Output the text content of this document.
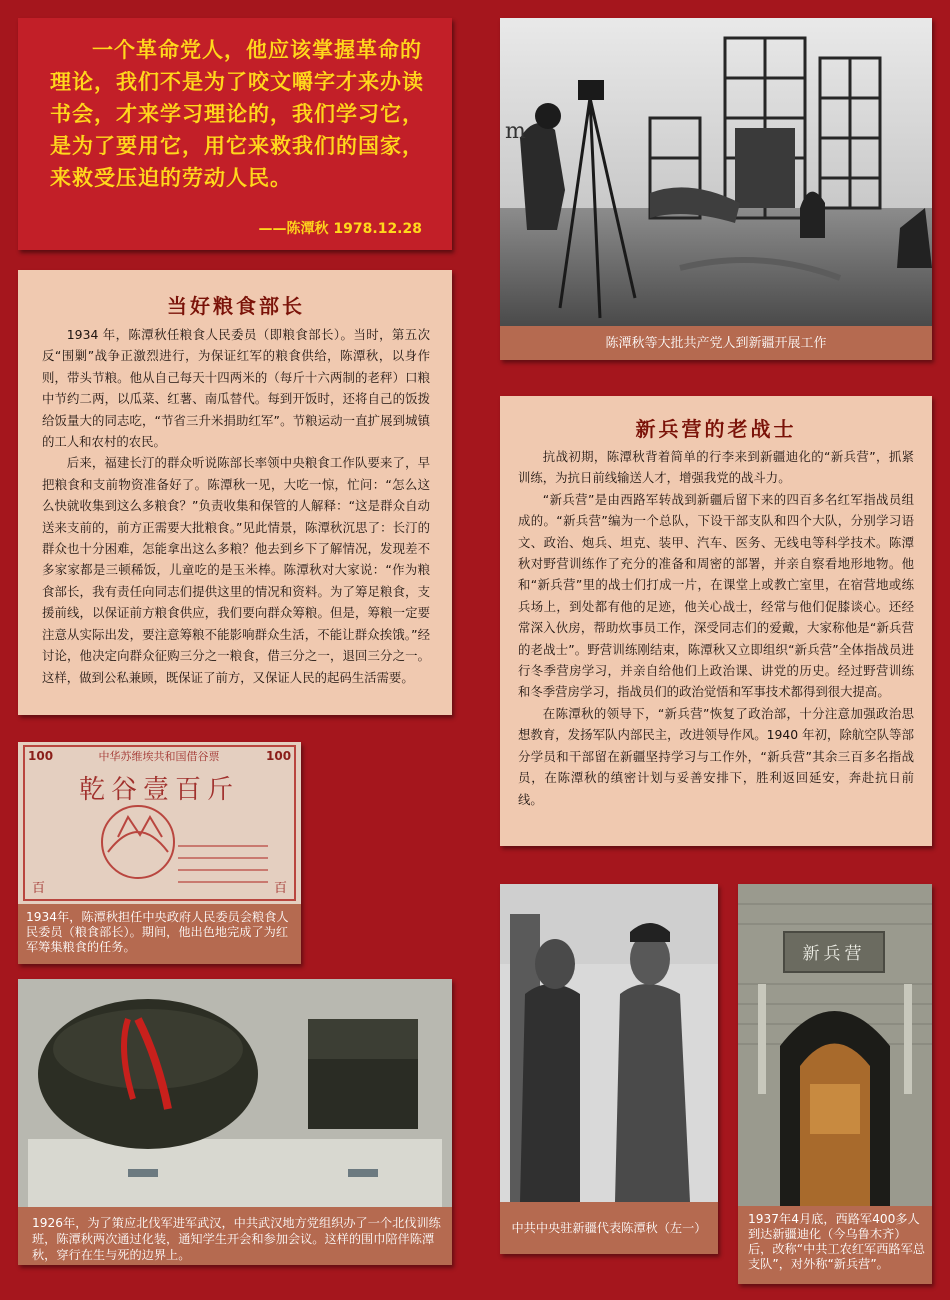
一个革命党人，他应该掌握革命的理论，我们不是为了咬文嚼字才来办读书会，才来学习理论的，我们学习它，是为了要用它，用它来救我们的国家，来救受压迫的劳动人民。

——陈潭秋 1978.12.28
当好粮食部长

1934 年，陈潭秋任粮食人民委员（即粮食部长）。当时，第五次反“围剿”战争正激烈进行，为保证红军的粮食供给，陈潭秋，以身作则，带头节粮。他从自己每天十四两米的（每斤十六两制的老秤）口粮中节约二两，以瓜菜、红薯、南瓜替代。每到开饭时，还将自己的饭拨给饭量大的同志吃，“节省三升米捐助红军”。节粮运动一直扩展到城镇的工人和农村的农民。

后来，福建长汀的群众听说陈部长率领中央粮食工作队要来了，早把粮食和支前物资准备好了。陈潭秋一见，大吃一惊，忙问：“怎么这么快就收集到这么多粮食？”负责收集和保管的人解释：“这是群众自动送来支前的，前方正需要大批粮食。”见此情景，陈潭秋沉思了：长汀的群众也十分困难，怎能拿出这么多粮？他去到乡下了解情况，发现差不多家家都是三顿稀饭，儿童吃的是玉米棒。陈潭秋对大家说：“作为粮食部长，我有责任向同志们提供这里的情况和资料。为了筹足粮食，支援前线，以保证前方粮食供应，我们要向群众筹粮。但是，筹粮一定要注意从实际出发，要注意筹粮不能影响群众生活，不能让群众挨饿。”经讨论，他决定向群众征购三分之一粮食，借三分之一，退回三分之一。这样，做到公私兼顾，既保证了前方，又保证人民的起码生活需要。

m
陈潭秋等大批共产党人到新疆开展工作
新兵营的老战士

抗战初期，陈潭秋背着简单的行李来到新疆迪化的“新兵营”，抓紧训练，为抗日前线输送人才，增强我党的战斗力。

“新兵营”是由西路军转战到新疆后留下来的四百多名红军指战员组成的。“新兵营”编为一个总队，下设干部支队和四个大队，分别学习语文、政治、炮兵、坦克、装甲、汽车、医务、无线电等科学技术。陈潭秋对野营训练作了充分的准备和周密的部署，并亲自察看地形地物。他和“新兵营”里的战士们打成一片，在课堂上或教亡室里，在宿营地或练兵场上，到处都有他的足迹，他关心战士，经常与他们促膝谈心。还经常深入伙房，帮助炊事员工作，深受同志们的爱戴，大家称他是“新兵营的老战士”。野营训练刚结束，陈潭秋又立即组织“新兵营”全体指战员进行冬季营房学习，并亲自给他们上政治课、讲党的历史。经过野营训练和冬季营房学习，指战员们的政治觉悟和军事技术都得到很大提高。

在陈潭秋的领导下，“新兵营”恢复了政治部，十分注意加强政治思想教育，发扬军队内部民主，改进领导作风。1940 年初，除航空队等部分学员和干部留在新疆坚持学习与工作外，“新兵营”其余三百多名指战员，在陈潭秋的缜密计划与妥善安排下，胜利返回延安，奔赴抗日前线。

中华苏维埃共和国借谷票
100	100
乾谷壹百斤
百	百
1934年，陈潭秋担任中央政府人民委员会粮食人民委员（粮食部长）。期间，他出色地完成了为红军筹集粮食的任务。
1926年，为了策应北伐军进军武汉，中共武汉地方党组织办了一个北伐训练班，陈潭秋两次通过化装，通知学生开会和参加会议。这样的围巾陪伴陈潭秋，穿行在生与死的边界上。
中共中央驻新疆代表陈潭秋（左一）
新兵营
1937年4月底，西路军400多人到达新疆迪化（今乌鲁木齐）后，改称“中共工农红军西路军总支队”，对外称“新兵营”。
